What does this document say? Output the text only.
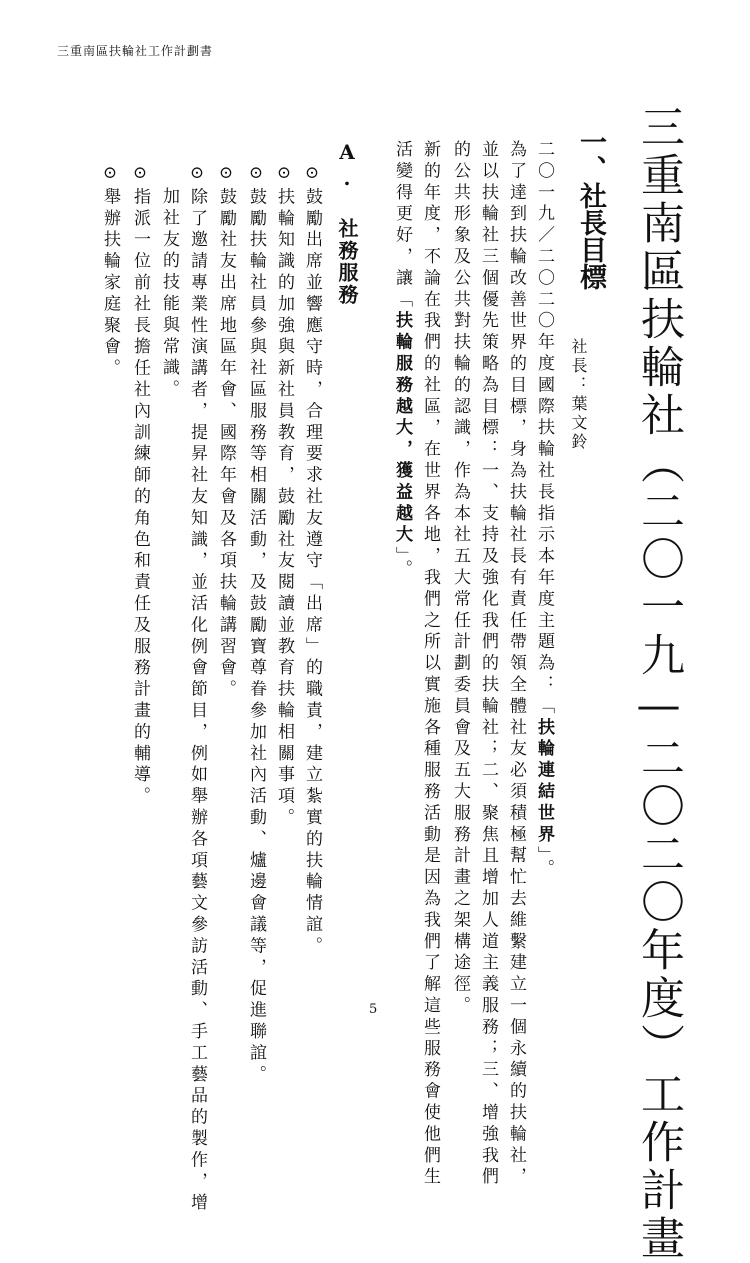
三重南區扶輪社工作計劃書
三重南區扶輪社（二〇一九—二〇二〇年度）工作計畫
一、社長目標
社長：葉文鈴
二〇一九／二〇二〇年度國際扶輪社長指示本年度主題為：「扶輪連結世界」。
為了達到扶輪改善世界的目標，身為扶輪社長有責任帶領全體社友必須積極幫忙去維繫建立一個永續的扶輪社，
並以扶輪社三個優先策略為目標：一、支持及強化我們的扶輪社；二、聚焦且增加人道主義服務；三、增強我們
的公共形象及公共對扶輪的認識，作為本社五大常任計劃委員會及五大服務計畫之架構途徑。
新的年度，不論在我們的社區，在世界各地，我們之所以實施各種服務活動是因為我們了解這些服務會使他們生
活變得更好，讓「扶輪服務越大，獲益越大」。
A. 社務服務
⊙鼓勵出席並響應守時，合理要求社友遵守「出席」的職責，建立紮實的扶輪情誼。
⊙扶輪知識的加強與新社員教育，鼓勵社友閱讀並教育扶輪相關事項。
⊙鼓勵扶輪社員參與社區服務等相關活動，及鼓勵寶尊眷參加社內活動、爐邊會議等，促進聯誼。
⊙鼓勵社友出席地區年會、國際年會及各項扶輪講習會。
⊙除了邀請專業性演講者，提昇社友知識，並活化例會節目，例如舉辦各項藝文參訪活動、手工藝品的製作，增
加社友的技能與常識。
⊙指派一位前社長擔任社內訓練師的角色和責任及服務計畫的輔導。
⊙舉辦扶輪家庭聚會。
5
